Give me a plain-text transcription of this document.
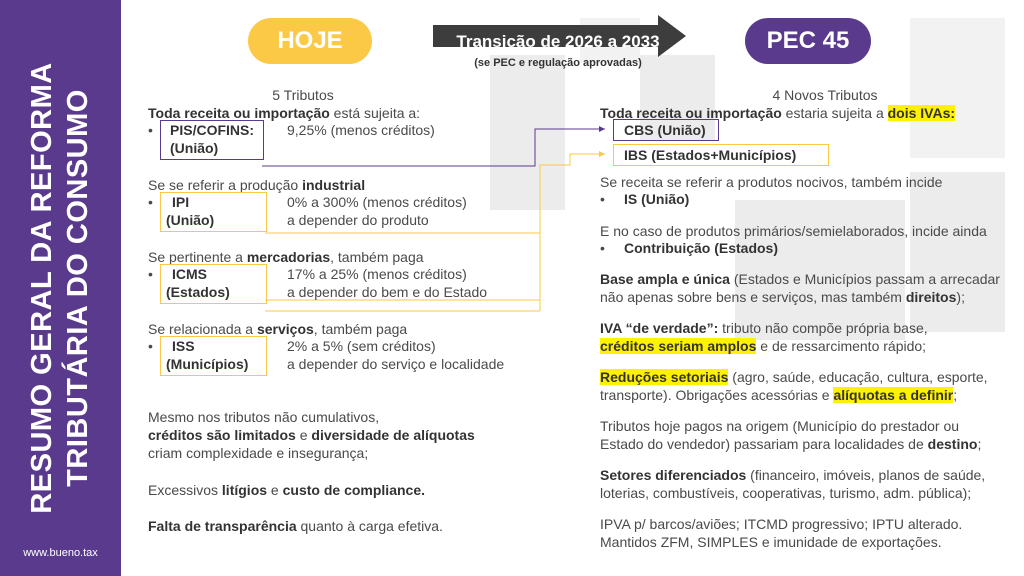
RESUMO GERAL DA REFORMA TRIBUTÁRIA DO CONSUMO
www.bueno.tax
HOJE	Transição de 2026 a 2033
(se PEC e regulação aprovadas)
PEC 45
5 Tributos
Toda receita ou importação está sujeita a:
• PIS/COFINS:
(União)
9,25% (menos créditos)
Se se referir a produção industrial
• IPI
(União)
0% a 300% (menos créditos)
a depender do produto
Se pertinente a mercadorias, também paga
• ICMS
(Estados)
17% a 25% (menos créditos)
a depender do bem e do Estado
Se relacionada a serviços, também paga
• ISS
(Municípios)
2% a 5% (sem créditos)
a depender do serviço e localidade
Mesmo nos tributos não cumulativos,
créditos são limitados e diversidade de alíquotas
criam complexidade e insegurança;
Excessivos litígios e custo de compliance.
Falta de transparência quanto à carga efetiva.
4 Novos Tributos
Toda receita ou importação estaria sujeita a dois IVAs:
CBS (União)
IBS (Estados+Municípios)
Se receita se referir a produtos nocivos, também incide
• IS (União)
E no caso de produtos primários/semielaborados, incide ainda
• Contribuição (Estados)
Base ampla e única (Estados e Municípios passam a arrecadar
não apenas sobre bens e serviços, mas também direitos);
IVA “de verdade”: tributo não compõe própria base,
créditos seriam amplos e de ressarcimento rápido;
Reduções setoriais (agro, saúde, educação, cultura, esporte,
transporte). Obrigações acessórias e alíquotas a definir;
Tributos hoje pagos na origem (Município do prestador ou
Estado do vendedor) passariam para localidades de destino;
Setores diferenciados (financeiro, imóveis, planos de saúde,
loterias, combustíveis, cooperativas, turismo, adm. pública);
IPVA p/ barcos/aviões; ITCMD progressivo; IPTU alterado.
Mantidos ZFM, SIMPLES e imunidade de exportações.
